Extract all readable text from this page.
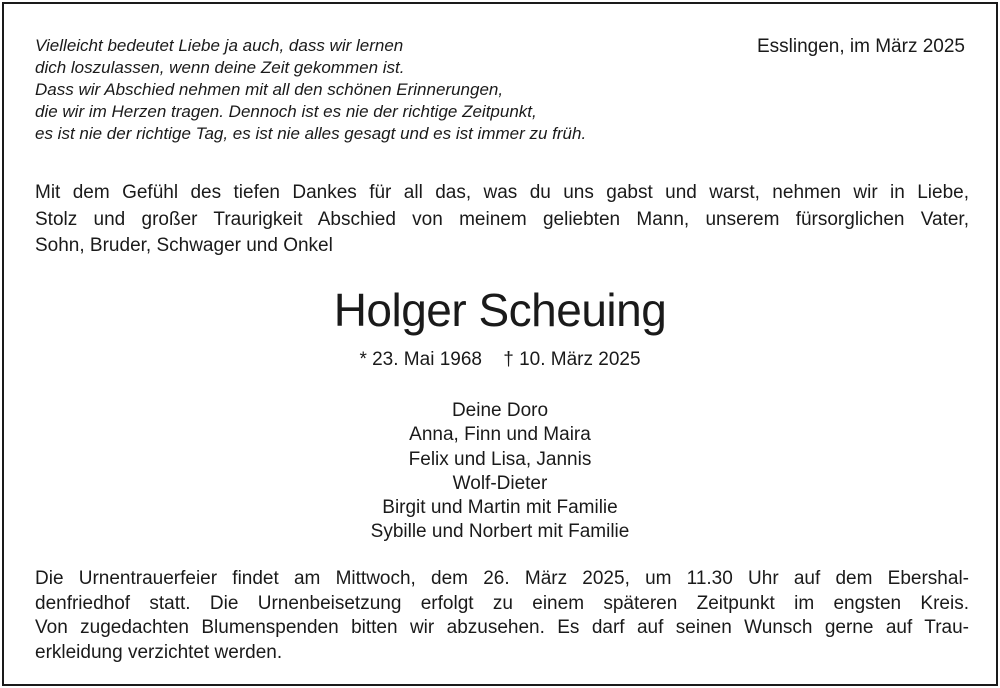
Vielleicht bedeutet Liebe ja auch, dass wir lernen
dich loszulassen, wenn deine Zeit gekommen ist.
Dass wir Abschied nehmen mit all den schönen Erinnerungen,
die wir im Herzen tragen. Dennoch ist es nie der richtige Zeitpunkt,
es ist nie der richtige Tag, es ist nie alles gesagt und es ist immer zu früh.
Esslingen, im März 2025
Mit dem Gefühl des tiefen Dankes für all das, was du uns gabst und warst, nehmen wir in Liebe,
Stolz und großer Traurigkeit Abschied von meinem geliebten Mann, unserem fürsorglichen Vater,
Sohn, Bruder, Schwager und Onkel
Holger Scheuing
* 23. Mai 1968 † 10. März 2025
Deine Doro
Anna, Finn und Maira
Felix und Lisa, Jannis
Wolf-Dieter
Birgit und Martin mit Familie
Sybille und Norbert mit Familie
Die Urnentrauerfeier findet am Mittwoch, dem 26. März 2025, um 11.30 Uhr auf dem Ebershal-
denfriedhof statt. Die Urnenbeisetzung erfolgt zu einem späteren Zeitpunkt im engsten Kreis.
Von zugedachten Blumenspenden bitten wir abzusehen. Es darf auf seinen Wunsch gerne auf Trau-
erkleidung verzichtet werden.
